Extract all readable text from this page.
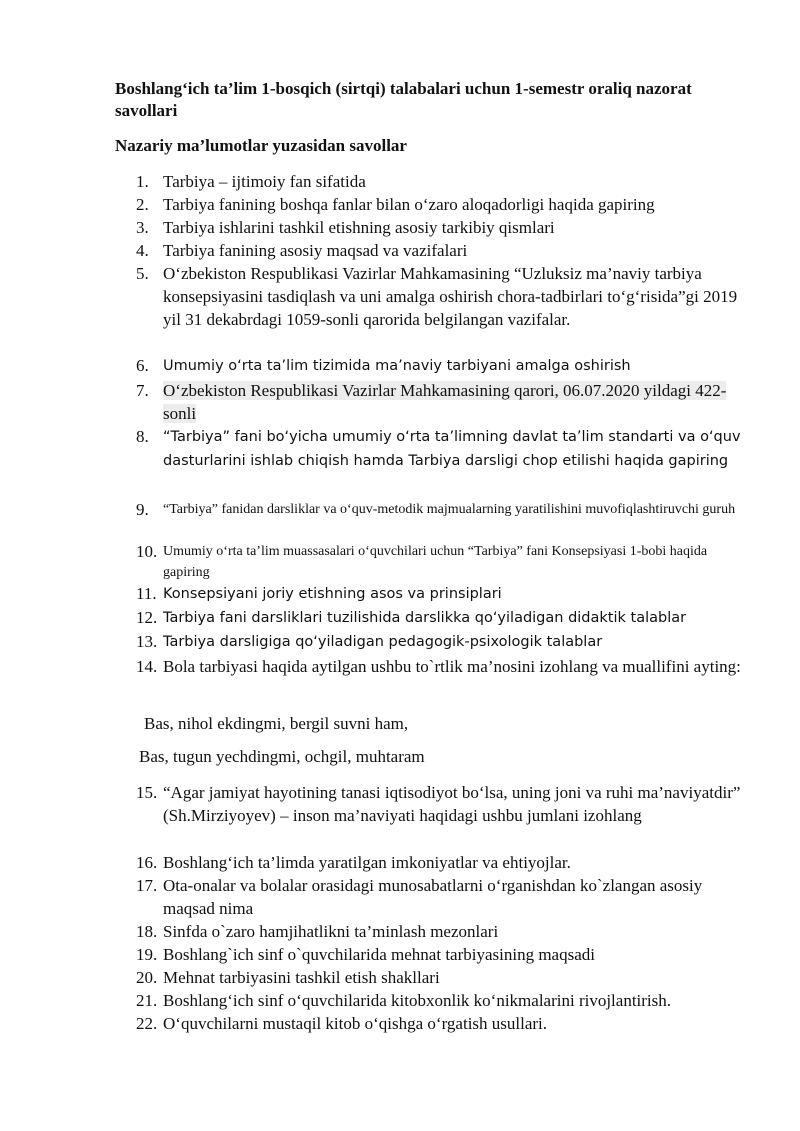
Boshlang‘ich ta’lim 1-bosqich (sirtqi) talabalari uchun 1-semestr oraliq nazorat savollari
Nazariy ma’lumotlar yuzasidan savollar
1. Tarbiya – ijtimoiy fan sifatida
2. Tarbiya fanining boshqa fanlar bilan o‘zaro aloqadorligi haqida gapiring
3. Tarbiya ishlarini tashkil etishning asosiy tarkibiy qismlari
4. Tarbiya fanining asosiy maqsad va vazifalari
5. O‘zbekiston Respublikasi Vazirlar Mahkamasining “Uzluksiz ma’naviy tarbiya konsepsiyasini tasdiqlash va uni amalga oshirish chora-tadbirlari to‘g‘risida”gi 2019 yil 31 dekabrdagi 1059-sonli qarorida belgilangan vazifalar.
6. Umumiy o‘rta ta’lim tizimida ma’naviy tarbiyani amalga oshirish
7. O‘zbekiston Respublikasi Vazirlar Mahkamasining qarori, 06.07.2020 yildagi 422-sonli
8. “Tarbiya” fani bo‘yicha umumiy o‘rta ta’limning davlat ta’lim standarti va o‘quv dasturlarini ishlab chiqish hamda Tarbiya darsligi chop etilishi haqida gapiring
9. “Tarbiya” fanidan darsliklar va o‘quv-metodik majmualarning yaratilishini muvofiqlashtiruvchi guruh
10. Umumiy o‘rta ta’lim muassasalari o‘quvchilari uchun “Tarbiya” fani Konsepsiyasi 1-bobi haqida gapiring
11. Konsepsiyani joriy etishning asos va prinsiplari
12. Tarbiya fani darsliklari tuzilishida darslikka qo‘yiladigan didaktik talablar
13. Tarbiya darsligiga qo‘yiladigan pedagogik-psixologik talablar
14. Bola tarbiyasi haqida aytilgan ushbu to`rtlik ma’nosini izohlang va muallifini ayting:
Bas, nihol ekdingmi, bergil suvni ham,
Bas, tugun yechdingmi, ochgil, muhtaram
15. “Agar jamiyat hayotining tanasi iqtisodiyot bo‘lsa, uning joni va ruhi ma’naviyatdir” (Sh.Mirziyoyev) – inson ma’naviyati haqidagi ushbu jumlani izohlang
16. Boshlang‘ich ta’limda yaratilgan imkoniyatlar va ehtiyojlar.
17. Ota-onalar va bolalar orasidagi munosabatlarni o‘rganishdan ko`zlangan asosiy maqsad nima
18. Sinfda o`zaro hamjihatlikni ta’minlash mezonlari
19. Boshlang`ich sinf o`quvchilarida mehnat tarbiyasining maqsadi
20. Mehnat tarbiyasini tashkil etish shakllari
21. Boshlang‘ich sinf o‘quvchilarida kitobxonlik ko‘nikmalarini rivojlantirish.
22. O‘quvchilarni mustaqil kitob o‘qishga o‘rgatish usullari.
